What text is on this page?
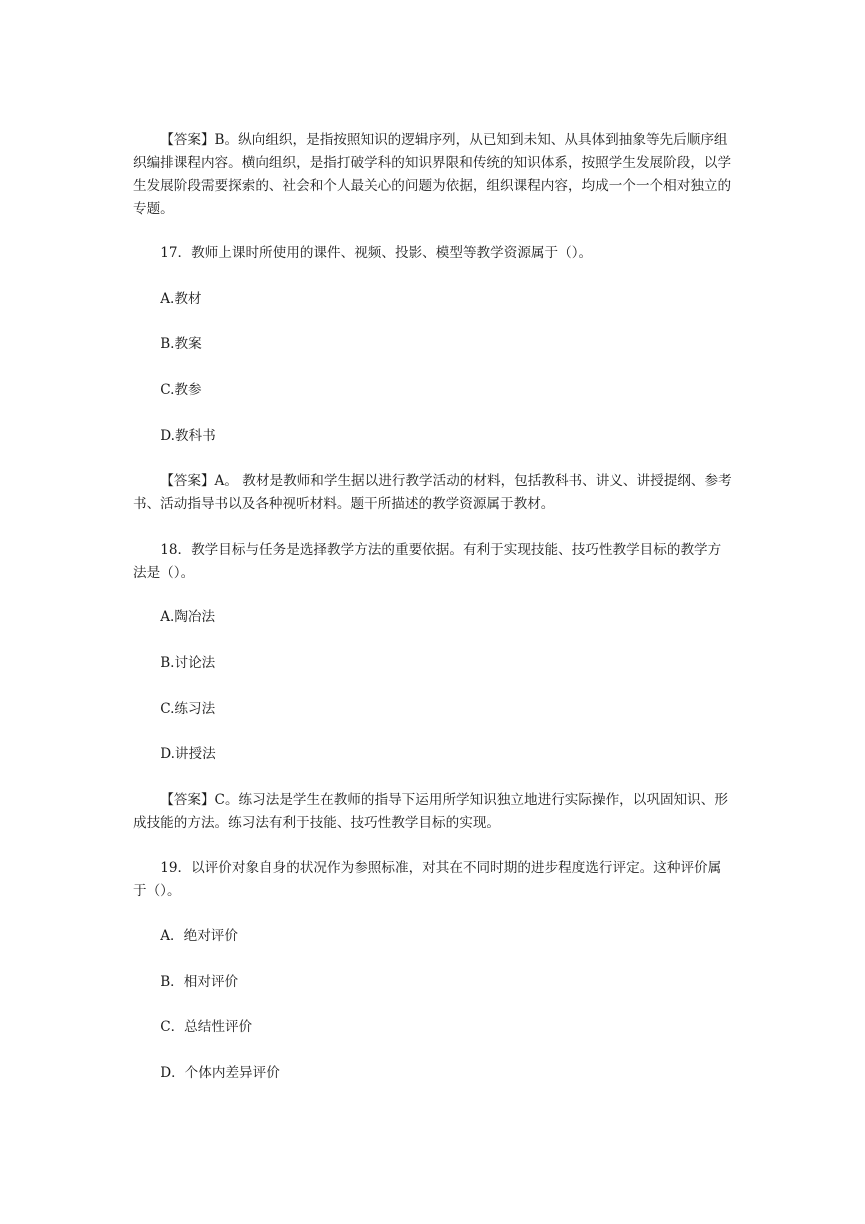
【答案】B。纵向组织，是指按照知识的逻辑序列，从已知到未知、从具体到抽象等先后顺序组织编排课程内容。横向组织，是指打破学科的知识界限和传统的知识体系，按照学生发展阶段，以学生发展阶段需要探索的、社会和个人最关心的问题为依据，组织课程内容，均成一个一个相对独立的专题。

17．教师上课时所使用的课件、视频、投影、模型等教学资源属于（）。

A.教材

B.教案

C.教参

D.教科书

【答案】A。 教材是教师和学生据以进行教学活动的材料，包括教科书、讲义、讲授提纲、参考书、活动指导书以及各种视听材料。题干所描述的教学资源属于教材。

18．教学目标与任务是选择教学方法的重要依据。有利于实现技能、技巧性教学目标的教学方法是（）。

A.陶冶法

B.讨论法

C.练习法

D.讲授法

【答案】C。练习法是学生在教师的指导下运用所学知识独立地进行实际操作，以巩固知识、形成技能的方法。练习法有利于技能、技巧性教学目标的实现。

19．以评价对象自身的状况作为参照标准，对其在不同时期的进步程度选行评定。这种评价属于（）。

A．绝对评价

B．相对评价

C．总结性评价

D．个体内差异评价
